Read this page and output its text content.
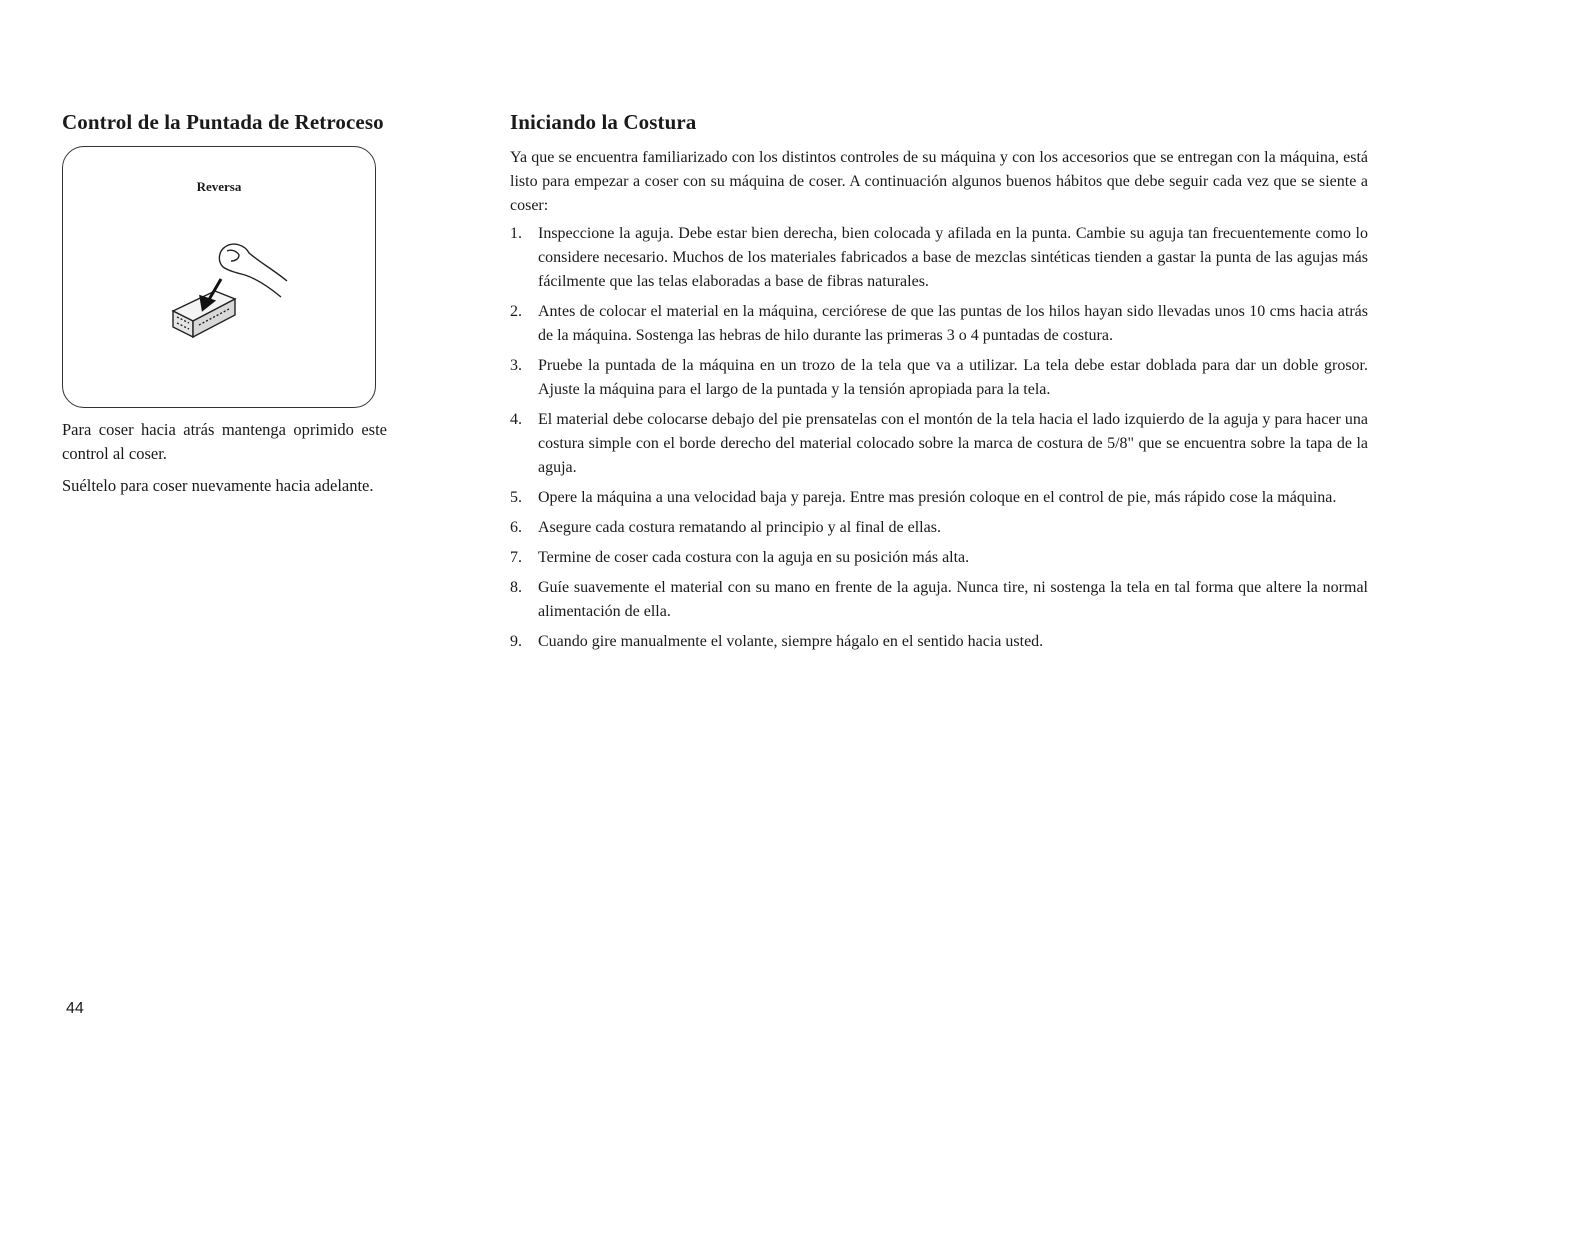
Control de la Puntada de Retroceso
Reversa

Para coser hacia atrás mantenga oprimido este control al coser.

Suéltelo para coser nuevamente hacia adelante.

Iniciando la Costura

Ya que se encuentra familiarizado con los distintos controles de su máquina y con los accesorios que se entregan con la máquina, está listo para empezar a coser con su máquina de coser. A continuación algunos buenos hábitos que debe seguir cada vez que se siente a coser:

1. Inspeccione la aguja. Debe estar bien derecha, bien colocada y afilada en la punta. Cambie su aguja tan frecuentemente como lo considere necesario. Muchos de los materiales fabricados a base de mezclas sintéticas tienden a gastar la punta de las agujas más fácilmente que las telas elaboradas a base de fibras naturales.
2. Antes de colocar el material en la máquina, cerciórese de que las puntas de los hilos hayan sido llevadas unos 10 cms hacia atrás de la máquina. Sostenga las hebras de hilo durante las primeras 3 o 4 puntadas de costura.
3. Pruebe la puntada de la máquina en un trozo de la tela que va a utilizar. La tela debe estar doblada para dar un doble grosor. Ajuste la máquina para el largo de la puntada y la tensión apropiada para la tela.
4. El material debe colocarse debajo del pie prensatelas con el montón de la tela hacia el lado izquierdo de la aguja y para hacer una costura simple con el borde derecho del material colocado sobre la marca de costura de 5/8" que se encuentra sobre la tapa de la aguja.
5. Opere la máquina a una velocidad baja y pareja. Entre mas presión coloque en el control de pie, más rápido cose la máquina.
6. Asegure cada costura rematando al principio y al final de ellas.
7. Termine de coser cada costura con la aguja en su posición más alta.
8. Guíe suavemente el material con su mano en frente de la aguja. Nunca tire, ni sostenga la tela en tal forma que altere la normal alimentación de ella.
9. Cuando gire manualmente el volante, siempre hágalo en el sentido hacia usted.
44
